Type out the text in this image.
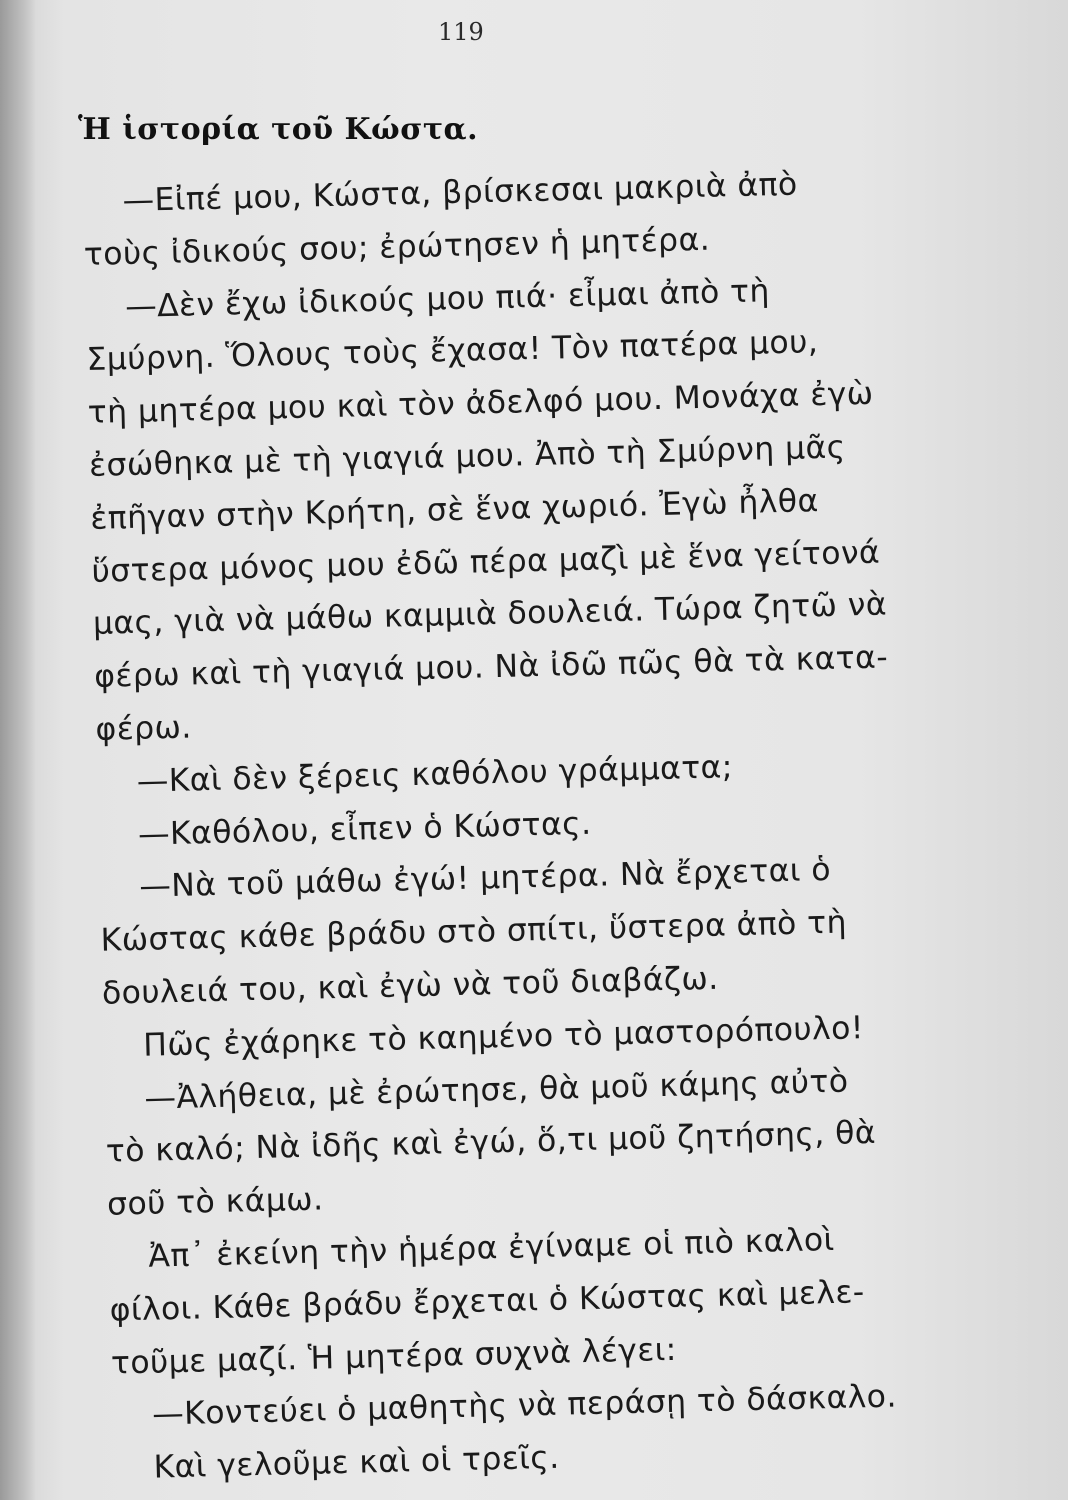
119
Ἡ ἱστορία τοῦ Κώστα.
—Εἰπέ μου, Κώστα, βρίσκεσαι μακριὰ ἀπὸ
τοὺς ἰδικούς σου; ἐρώτησεν ἡ μητέρα.
—Δὲν ἔχω ἰδικούς μου πιά· εἶμαι ἀπὸ τὴ
Σμύρνη. Ὅλους τοὺς ἔχασα! Τὸν πατέρα μου,
τὴ μητέρα μου καὶ τὸν ἀδελφό μου. Μονάχα ἐγὼ
ἐσώθηκα μὲ τὴ γιαγιά μου. Ἀπὸ τὴ Σμύρνη μᾶς
ἐπῆγαν στὴν Κρήτη, σὲ ἕνα χωριό. Ἐγὼ ἦλθα
ὕστερα μόνος μου ἐδῶ πέρα μαζὶ μὲ ἕνα γείτονά
μας, γιὰ νὰ μάθω καμμιὰ δουλειά. Τώρα ζητῶ νὰ
φέρω καὶ τὴ γιαγιά μου. Νὰ ἰδῶ πῶς θὰ τὰ κατα-
φέρω.
—Καὶ δὲν ξέρεις καθόλου γράμματα;
—Καθόλου, εἶπεν ὁ Κώστας.
—Νὰ τοῦ μάθω ἐγώ! μητέρα. Νὰ ἔρχεται ὁ
Κώστας κάθε βράδυ στὸ σπίτι, ὕστερα ἀπὸ τὴ
δουλειά του, καὶ ἐγὼ νὰ τοῦ διαβάζω.
Πῶς ἐχάρηκε τὸ καημένο τὸ μαστορόπουλο!
—Ἀλήθεια, μὲ ἐρώτησε, θὰ μοῦ κάμης αὐτὸ
τὸ καλό; Νὰ ἰδῆς καὶ ἐγώ, ὅ,τι μοῦ ζητήσης, θὰ
σοῦ τὸ κάμω.
Ἀπ᾿ ἐκείνη τὴν ἡμέρα ἐγίναμε οἱ πιὸ καλοὶ
φίλοι. Κάθε βράδυ ἔρχεται ὁ Κώστας καὶ μελε-
τοῦμε μαζί. Ἡ μητέρα συχνὰ λέγει:
—Κοντεύει ὁ μαθητὴς νὰ περάσῃ τὸ δάσκαλο.
Καὶ γελοῦμε καὶ οἱ τρεῖς.
